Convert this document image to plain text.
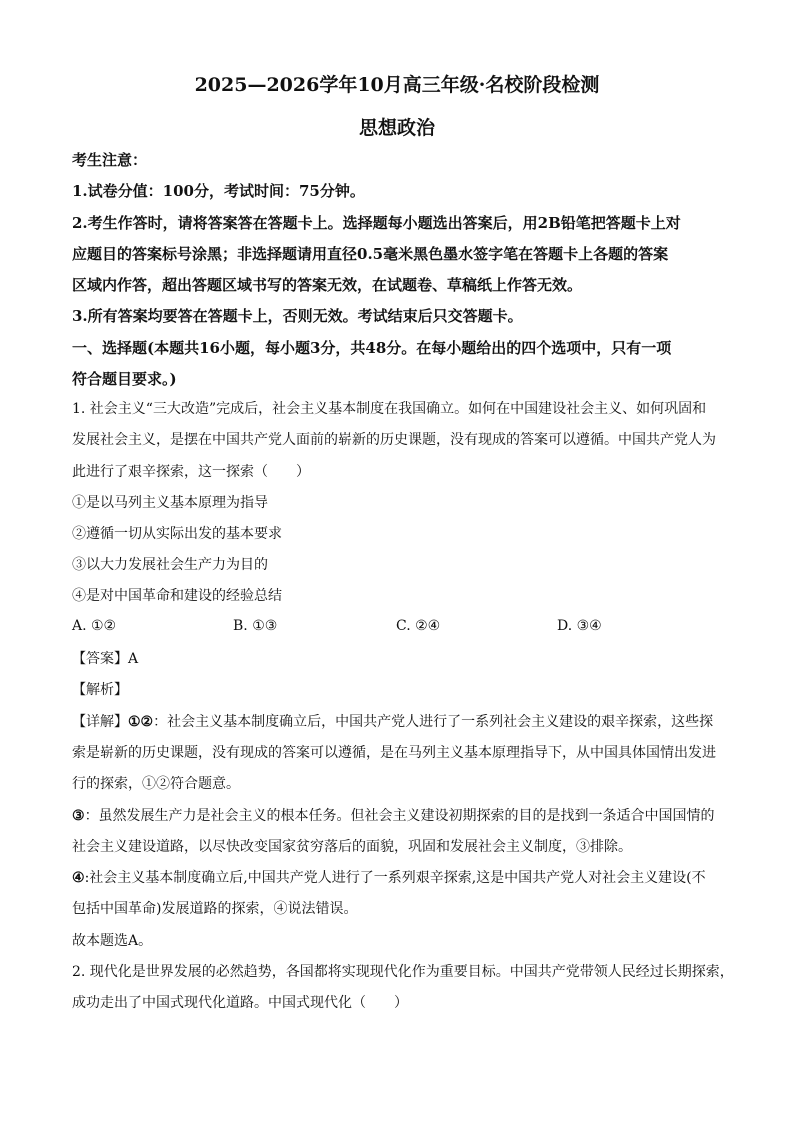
2025—2026学年10月高三年级·名校阶段检测
思想政治
考生注意：
1.试卷分值：100分，考试时间：75分钟。
2.考生作答时，请将答案答在答题卡上。选择题每小题选出答案后，用2B铅笔把答题卡上对
应题目的答案标号涂黑；非选择题请用直径0.5毫米黑色墨水签字笔在答题卡上各题的答案
区域内作答，超出答题区域书写的答案无效，在试题卷、草稿纸上作答无效。
3.所有答案均要答在答题卡上，否则无效。考试结束后只交答题卡。
一、选择题(本题共16小题，每小题3分，共48分。在每小题给出的四个选项中，只有一项
符合题目要求。)
1. 社会主义“三大改造”完成后，社会主义基本制度在我国确立。如何在中国建设社会主义、如何巩固和
发展社会主义，是摆在中国共产党人面前的崭新的历史课题，没有现成的答案可以遵循。中国共产党人为
此进行了艰辛探索，这一探索（　　）
①是以马列主义基本原理为指导
②遵循一切从实际出发的基本要求
③以大力发展社会生产力为目的
④是对中国革命和建设的经验总结
A. ①②	B. ①③	C. ②④	D. ③④
【答案】A
【解析】
【详解】①②：社会主义基本制度确立后，中国共产党人进行了一系列社会主义建设的艰辛探索，这些探
索是崭新的历史课题，没有现成的答案可以遵循，是在马列主义基本原理指导下，从中国具体国情出发进
行的探索，①②符合题意。
③：虽然发展生产力是社会主义的根本任务。但社会主义建设初期探索的目的是找到一条适合中国国情的
社会主义建设道路，以尽快改变国家贫穷落后的面貌，巩固和发展社会主义制度，③排除。
④:社会主义基本制度确立后,中国共产党人进行了一系列艰辛探索,这是中国共产党人对社会主义建设(不
包括中国革命)发展道路的探索，④说法错误。
故本题选A。
2. 现代化是世界发展的必然趋势，各国都将实现现代化作为重要目标。中国共产党带领人民经过长期探索，
成功走出了中国式现代化道路。中国式现代化（　　）
